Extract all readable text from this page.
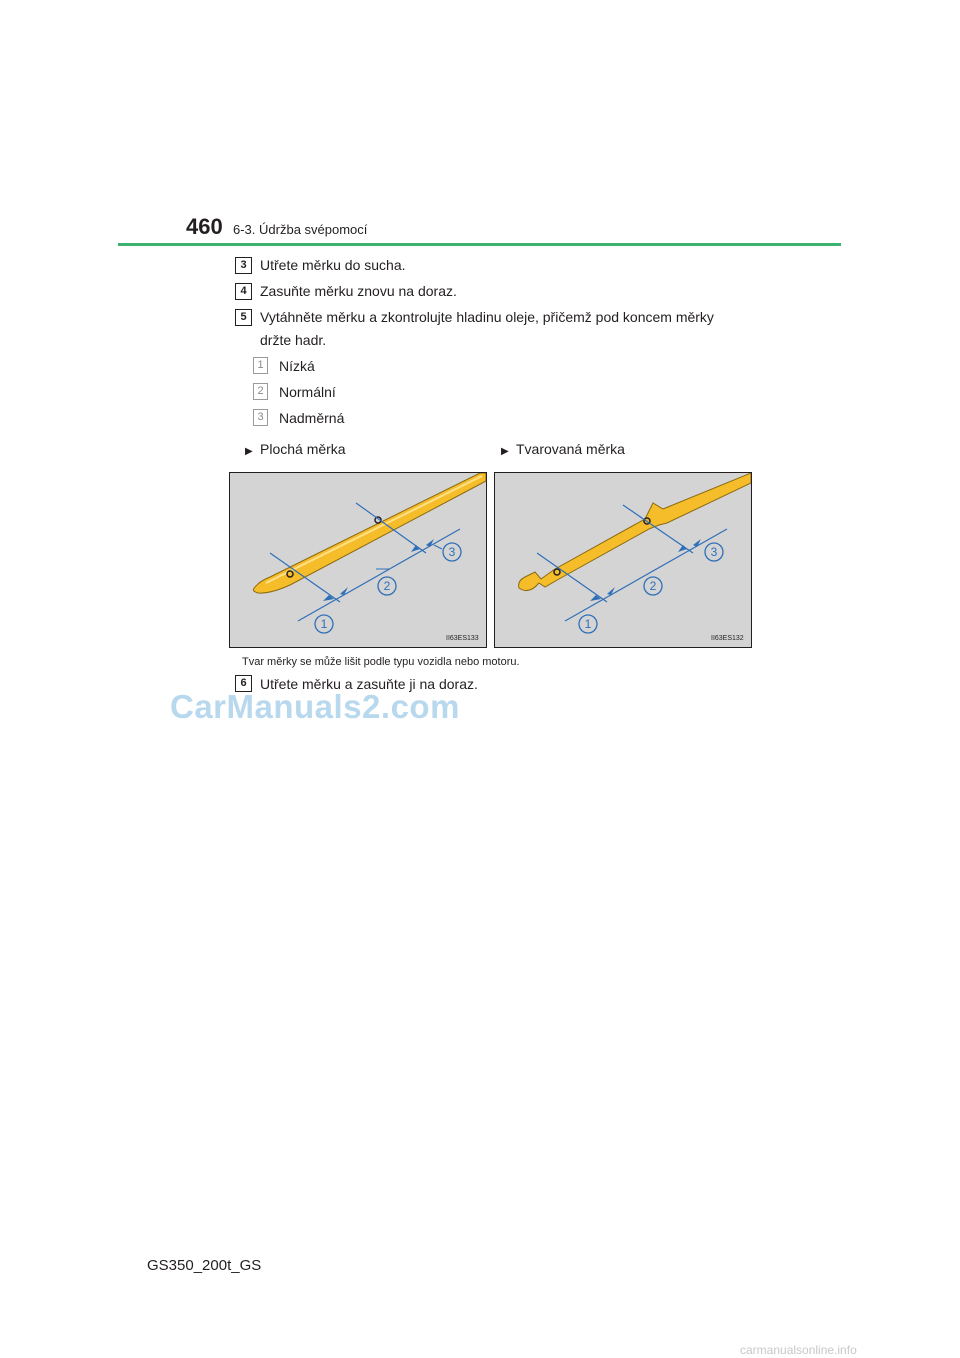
460 6-3. Údržba svépomocí
3 Utřete měrku do sucha.
4 Zasuňte měrku znovu na doraz.
5 Vytáhněte měrku a zkontrolujte hladinu oleje, přičemž pod koncem měrky
držte hadr.
1	Nízká
2	Normální
3	Nadměrná
▶ Plochá měrka	▶ Tvarovaná měrka
1
2
3
II63ES133
1
2
3
II63ES132
Tvar měrky se může lišit podle typu vozidla nebo motoru.
6 Utřete měrku a zasuňte ji na doraz.
CarManuals2.com
GS350_200t_GS
carmanualsonline.info
